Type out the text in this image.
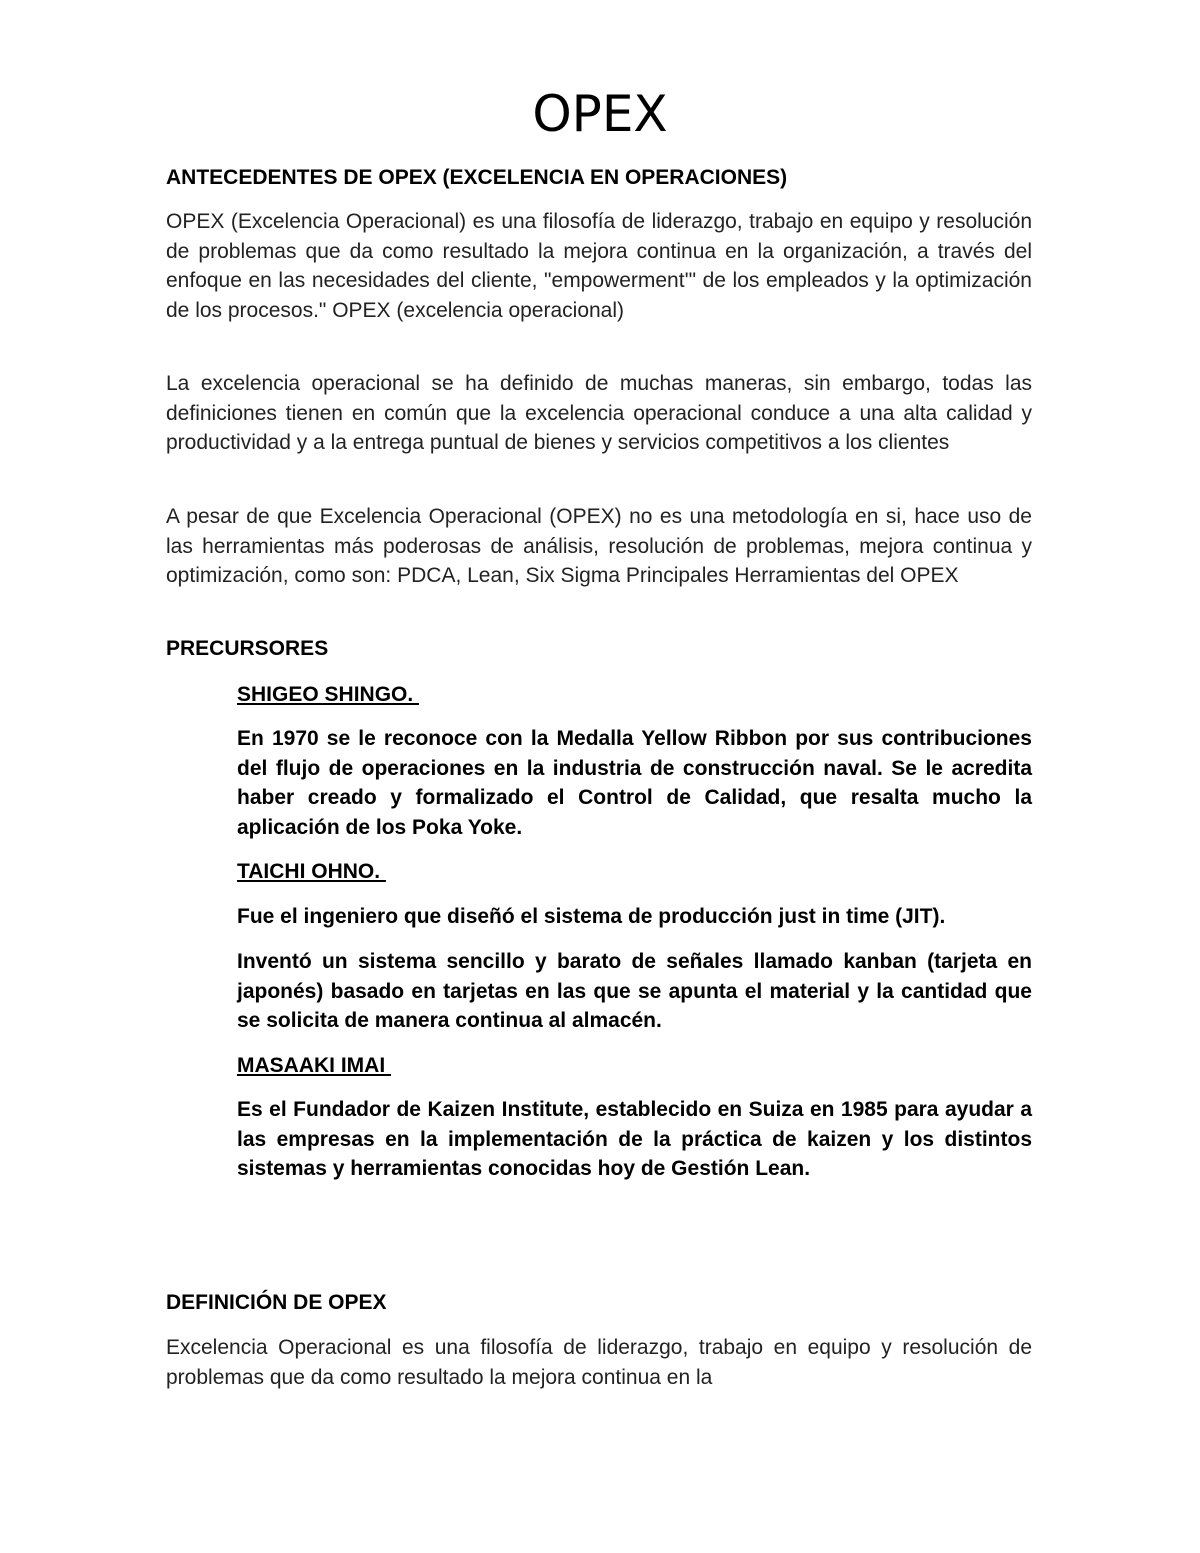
OPEX
ANTECEDENTES DE OPEX (EXCELENCIA EN OPERACIONES)

OPEX (Excelencia Operacional) es una filosofía de liderazgo, trabajo en equipo y resolución de problemas que da como resultado la mejora continua en la organización, a través del enfoque en las necesidades del cliente, "empowerment'" de los empleados y la optimización de los procesos." OPEX (excelencia operacional)

La excelencia operacional se ha definido de muchas maneras, sin embargo, todas las definiciones tienen en común que la excelencia operacional conduce a una alta calidad y productividad y a la entrega puntual de bienes y servicios competitivos a los clientes

A pesar de que Excelencia Operacional (OPEX) no es una metodología en si, hace uso de las herramientas más poderosas de análisis, resolución de problemas, mejora continua y optimización, como son: PDCA, Lean, Six Sigma Principales Herramientas del OPEX

PRECURSORES
SHIGEO SHINGO.

En 1970 se le reconoce con la Medalla Yellow Ribbon por sus contribuciones del flujo de operaciones en la industria de construcción naval. Se le acredita haber creado y formalizado el Control de Calidad, que resalta mucho la aplicación de los Poka Yoke.

TAICHI OHNO.

Fue el ingeniero que diseñó el sistema de producción just in time (JIT).

Inventó un sistema sencillo y barato de señales llamado kanban (tarjeta en japonés) basado en tarjetas en las que se apunta el material y la cantidad que se solicita de manera continua al almacén.

MASAAKI IMAI

Es el Fundador de Kaizen Institute, establecido en Suiza en 1985 para ayudar a las empresas en la implementación de la práctica de kaizen y los distintos sistemas y herramientas conocidas hoy de Gestión Lean.

DEFINICIÓN DE OPEX

Excelencia Operacional es una filosofía de liderazgo, trabajo en equipo y resolución de problemas que da como resultado la mejora continua en la
